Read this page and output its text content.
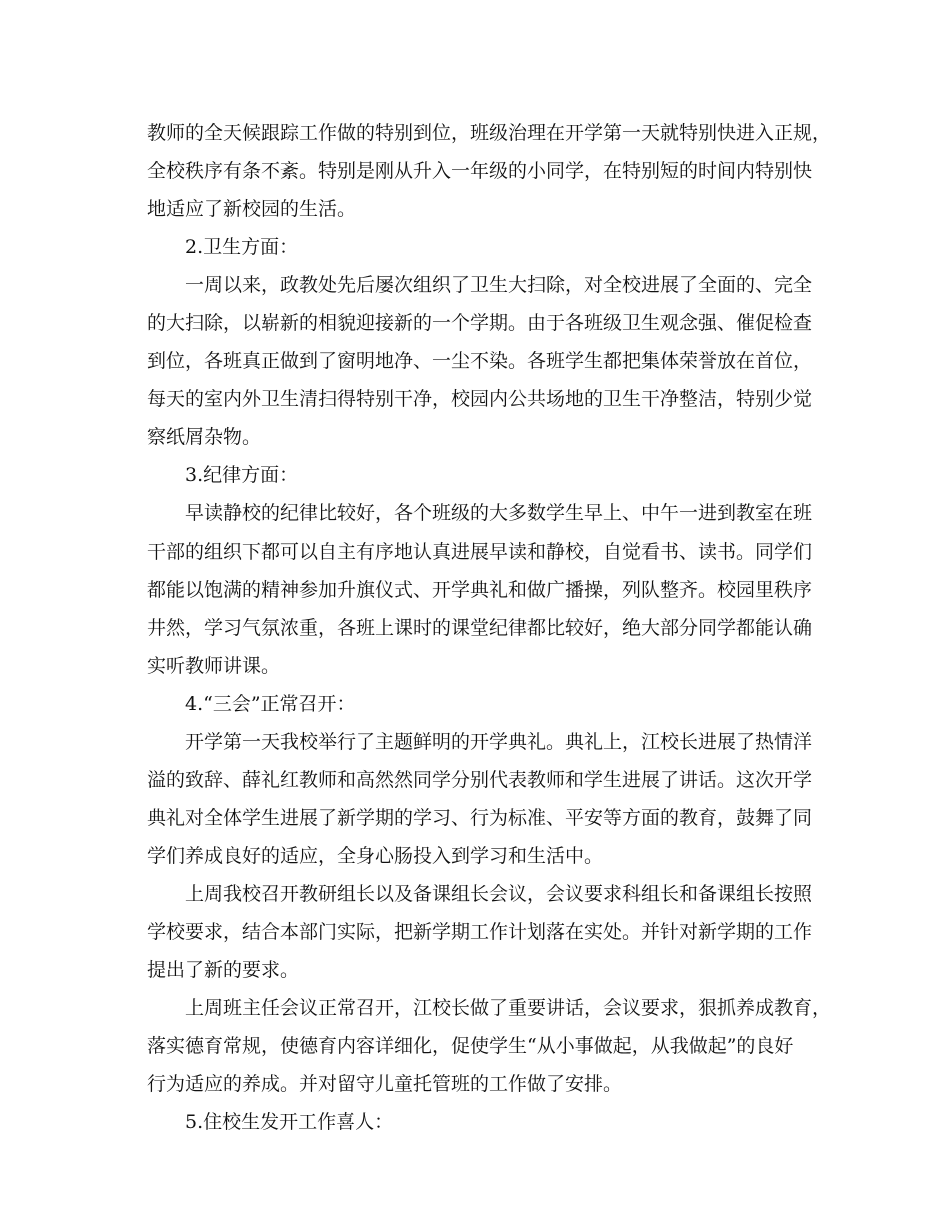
教师的全天候跟踪工作做的特别到位，班级治理在开学第一天就特别快进入正规，
全校秩序有条不紊。特别是刚从升入一年级的小同学，在特别短的时间内特别快
地适应了新校园的生活。
2.卫生方面：
一周以来，政教处先后屡次组织了卫生大扫除，对全校进展了全面的、完全
的大扫除，以崭新的相貌迎接新的一个学期。由于各班级卫生观念强、催促检查
到位，各班真正做到了窗明地净、一尘不染。各班学生都把集体荣誉放在首位，
每天的室内外卫生清扫得特别干净，校园内公共场地的卫生干净整洁，特别少觉
察纸屑杂物。
3.纪律方面：
早读静校的纪律比较好，各个班级的大多数学生早上、中午一进到教室在班
干部的组织下都可以自主有序地认真进展早读和静校，自觉看书、读书。同学们
都能以饱满的精神参加升旗仪式、开学典礼和做广播操，列队整齐。校园里秩序
井然，学习气氛浓重，各班上课时的课堂纪律都比较好，绝大部分同学都能认确
实听教师讲课。
4.“三会”正常召开：
开学第一天我校举行了主题鲜明的开学典礼。典礼上，江校长进展了热情洋
溢的致辞、薛礼红教师和高然然同学分别代表教师和学生进展了讲话。这次开学
典礼对全体学生进展了新学期的学习、行为标准、平安等方面的教育，鼓舞了同
学们养成良好的适应，全身心肠投入到学习和生活中。
上周我校召开教研组长以及备课组长会议，会议要求科组长和备课组长按照
学校要求，结合本部门实际，把新学期工作计划落在实处。并针对新学期的工作
提出了新的要求。
上周班主任会议正常召开，江校长做了重要讲话，会议要求，狠抓养成教育，
落实德育常规，使德育内容详细化，促使学生“从小事做起，从我做起”的良好
行为适应的养成。并对留守儿童托管班的工作做了安排。
5.住校生发开工作喜人：
